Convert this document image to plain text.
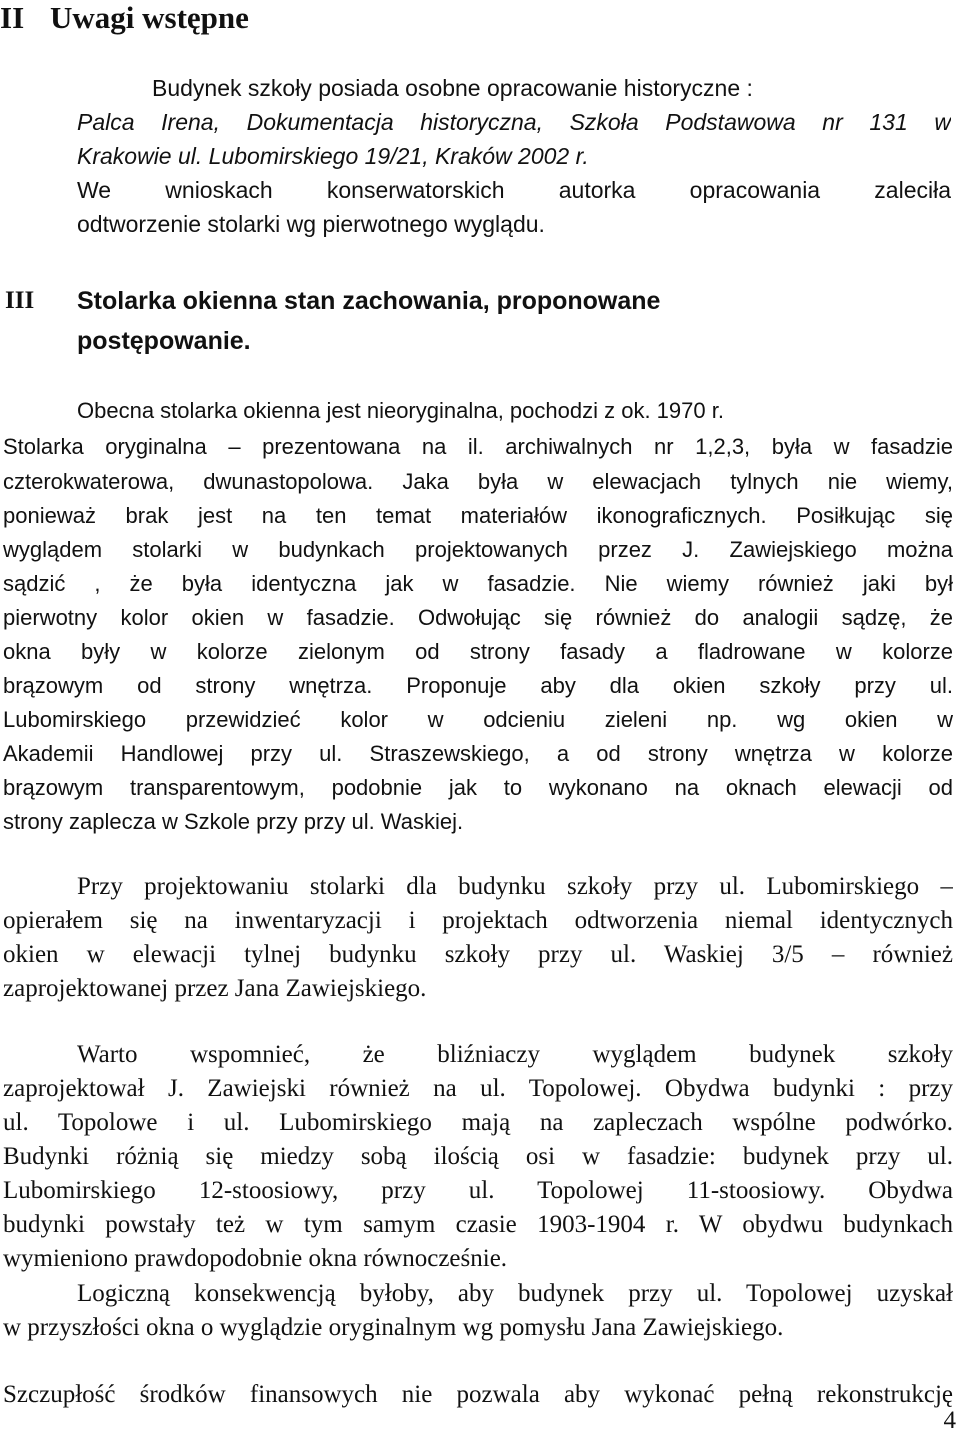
II Uwagi wstępne

Budynek szkoły posiada osobne opracowanie historyczne :

Palca Irena, Dokumentacja historyczna, Szkoła Podstawowa nr 131 w

Krakowie ul. Lubomirskiego 19/21, Kraków 2002 r.

We wnioskach konserwatorskich autorka opracowania zaleciła

odtworzenie stolarki wg pierwotnego wyglądu.

III Stolarka okienna stan zachowania, proponowane
postępowanie.

Obecna stolarka okienna jest nieoryginalna, pochodzi z ok. 1970 r.

Stolarka oryginalna – prezentowana na il. archiwalnych nr 1,2,3, była w fasadzie

czterokwaterowa, dwunastopolowa. Jaka była w elewacjach tylnych nie wiemy,

ponieważ brak jest na ten temat materiałów ikonograficznych. Posiłkując się

wyglądem stolarki w budynkach projektowanych przez J. Zawiejskiego można

sądzić , że była identyczna jak w fasadzie. Nie wiemy również jaki był

pierwotny kolor okien w fasadzie. Odwołując się również do analogii sądzę, że

okna były w kolorze zielonym od strony fasady a fladrowane w kolorze

brązowym od strony wnętrza. Proponuje aby dla okien szkoły przy ul.

Lubomirskiego przewidzieć kolor w odcieniu zieleni np. wg okien w

Akademii Handlowej przy ul. Straszewskiego, a od strony wnętrza w kolorze

brązowym transparentowym, podobnie jak to wykonano na oknach elewacji od

strony zaplecza w Szkole przy przy ul. Waskiej.

Przy projektowaniu stolarki dla budynku szkoły przy ul. Lubomirskiego –

opierałem się na inwentaryzacji i projektach odtworzenia niemal identycznych

okien w elewacji tylnej budynku szkoły przy ul. Waskiej 3/5 – również

zaprojektowanej przez Jana Zawiejskiego.

Warto wspomnieć, że bliźniaczy wyglądem budynek szkoły

zaprojektował J. Zawiejski również na ul. Topolowej. Obydwa budynki : przy

ul. Topolowe i ul. Lubomirskiego mają na zapleczach wspólne podwórko.

Budynki różnią się miedzy sobą ilością osi w fasadzie: budynek przy ul.

Lubomirskiego 12-stoosiowy, przy ul. Topolowej 11-stoosiowy. Obydwa

budynki powstały też w tym samym czasie 1903-1904 r. W obydwu budynkach

wymieniono prawdopodobnie okna równocześnie.

Logiczną konsekwencją byłoby, aby budynek przy ul. Topolowej uzyskał

w przyszłości okna o wyglądzie oryginalnym wg pomysłu Jana Zawiejskiego.

Szczupłość środków finansowych nie pozwala aby wykonać pełną rekonstrukcję

4
